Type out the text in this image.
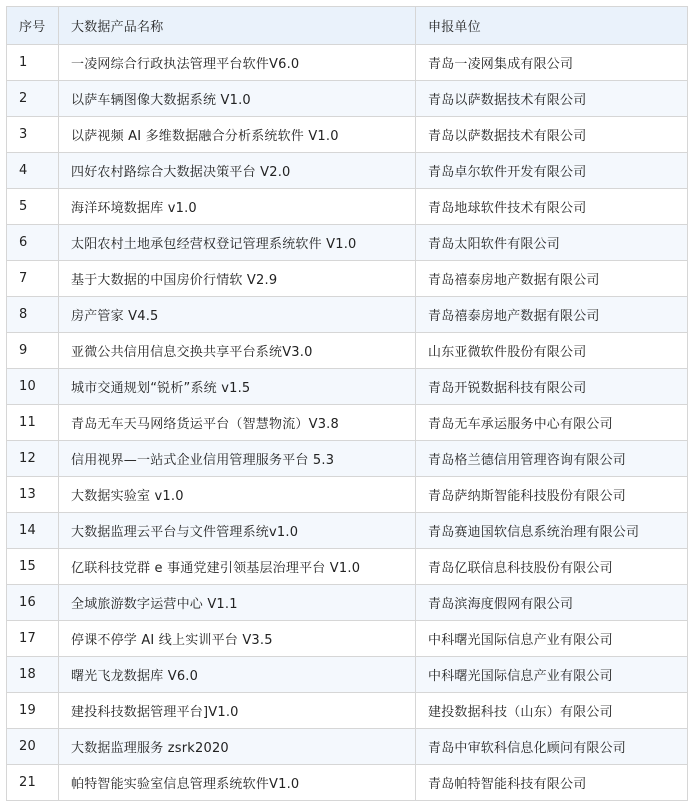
序号	大数据产品名称	申报单位
1	一凌网综合行政执法管理平台软件V6.0	青岛一凌网集成有限公司
2	以萨车辆图像大数据系统 V1.0	青岛以萨数据技术有限公司
3	以萨视频 AI 多维数据融合分析系统软件 V1.0	青岛以萨数据技术有限公司
4	四好农村路综合大数据决策平台 V2.0	青岛卓尔软件开发有限公司
5	海洋环境数据库 v1.0	青岛地球软件技术有限公司
6	太阳农村土地承包经营权登记管理系统软件 V1.0	青岛太阳软件有限公司
7	基于大数据的中国房价行情软 V2.9	青岛禧泰房地产数据有限公司
8	房产管家 V4.5	青岛禧泰房地产数据有限公司
9	亚微公共信用信息交换共享平台系统V3.0	山东亚微软件股份有限公司
10	城市交通规划“锐析”系统 v1.5	青岛开锐数据科技有限公司
11	青岛无车天马网络货运平台（智慧物流）V3.8	青岛无车承运服务中心有限公司
12	信用视界—一站式企业信用管理服务平台 5.3	青岛格兰德信用管理咨询有限公司
13	大数据实验室 v1.0	青岛萨纳斯智能科技股份有限公司
14	大数据监理云平台与文件管理系统v1.0	青岛赛迪国软信息系统治理有限公司
15	亿联科技党群 e 事通党建引领基层治理平台 V1.0	青岛亿联信息科技股份有限公司
16	全域旅游数字运营中心 V1.1	青岛滨海度假网有限公司
17	停课不停学 AI 线上实训平台 V3.5	中科曙光国际信息产业有限公司
18	曙光飞龙数据库 V6.0	中科曙光国际信息产业有限公司
19	建投科技数据管理平台]V1.0	建投数据科技（山东）有限公司
20	大数据监理服务 zsrk2020	青岛中审软科信息化顾问有限公司
21	帕特智能实验室信息管理系统软件V1.0	青岛帕特智能科技有限公司
